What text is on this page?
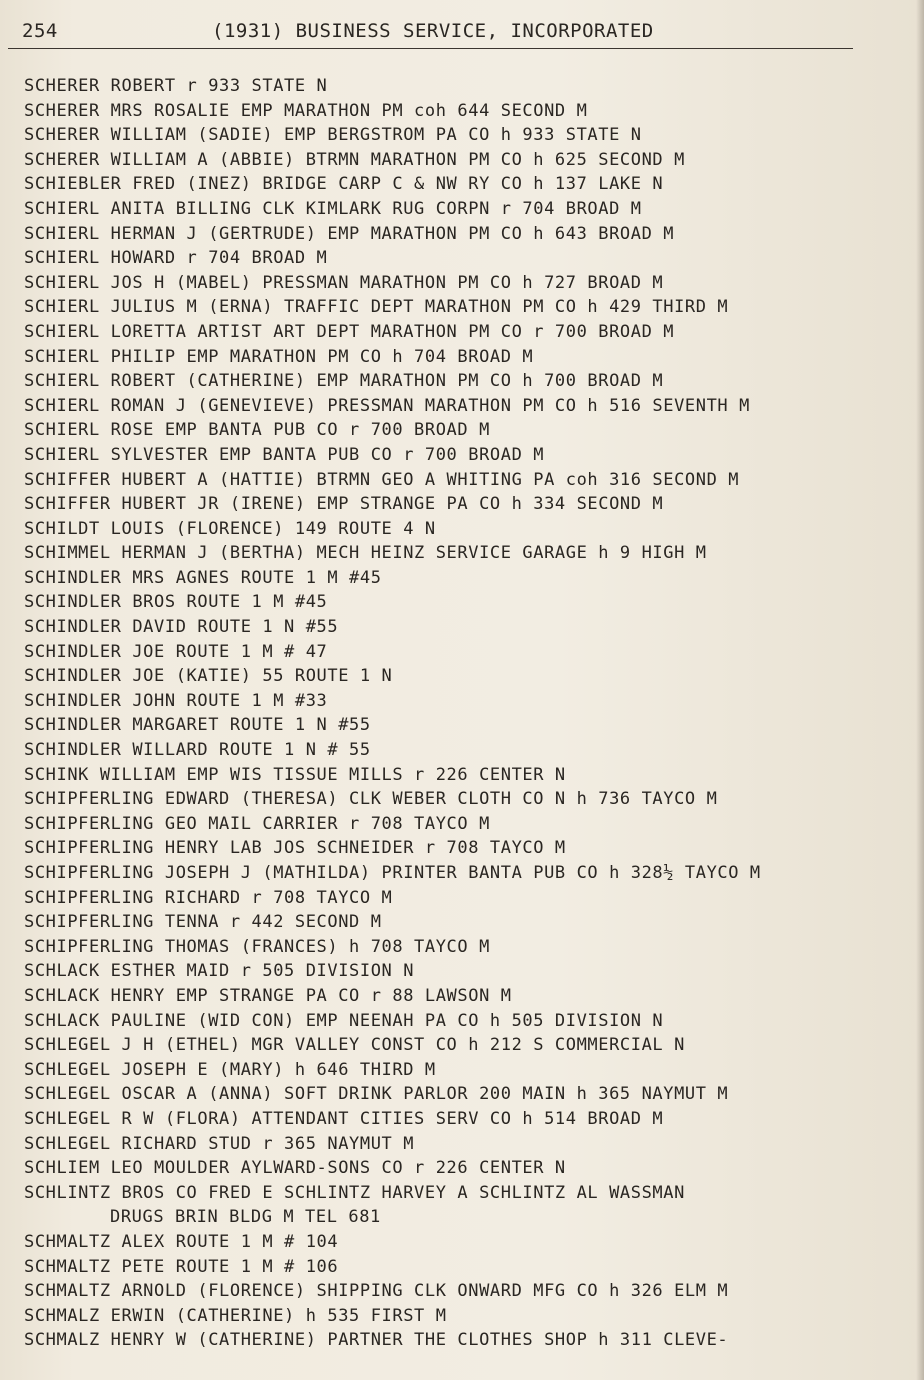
254	(1931) BUSINESS SERVICE, INCORPORATED
SCHERER ROBERT r 933 STATE N
SCHERER MRS ROSALIE EMP MARATHON PM coh 644 SECOND M
SCHERER WILLIAM (SADIE) EMP BERGSTROM PA CO h 933 STATE N
SCHERER WILLIAM A (ABBIE) BTRMN MARATHON PM CO h 625 SECOND M
SCHIEBLER FRED (INEZ) BRIDGE CARP C & NW RY CO h 137 LAKE N
SCHIERL ANITA BILLING CLK KIMLARK RUG CORPN r 704 BROAD M
SCHIERL HERMAN J (GERTRUDE) EMP MARATHON PM CO h 643 BROAD M
SCHIERL HOWARD r 704 BROAD M
SCHIERL JOS H (MABEL) PRESSMAN MARATHON PM CO h 727 BROAD M
SCHIERL JULIUS M (ERNA) TRAFFIC DEPT MARATHON PM CO h 429 THIRD M
SCHIERL LORETTA ARTIST ART DEPT MARATHON PM CO r 700 BROAD M
SCHIERL PHILIP EMP MARATHON PM CO h 704 BROAD M
SCHIERL ROBERT (CATHERINE) EMP MARATHON PM CO h 700 BROAD M
SCHIERL ROMAN J (GENEVIEVE) PRESSMAN MARATHON PM CO h 516 SEVENTH M
SCHIERL ROSE EMP BANTA PUB CO r 700 BROAD M
SCHIERL SYLVESTER EMP BANTA PUB CO r 700 BROAD M
SCHIFFER HUBERT A (HATTIE) BTRMN GEO A WHITING PA coh 316 SECOND M
SCHIFFER HUBERT JR (IRENE) EMP STRANGE PA CO h 334 SECOND M
SCHILDT LOUIS (FLORENCE) 149 ROUTE 4 N
SCHIMMEL HERMAN J (BERTHA) MECH HEINZ SERVICE GARAGE h 9 HIGH M
SCHINDLER MRS AGNES ROUTE 1 M #45
SCHINDLER BROS ROUTE 1 M #45
SCHINDLER DAVID ROUTE 1 N #55
SCHINDLER JOE ROUTE 1 M # 47
SCHINDLER JOE (KATIE) 55 ROUTE 1 N
SCHINDLER JOHN ROUTE 1 M #33
SCHINDLER MARGARET ROUTE 1 N #55
SCHINDLER WILLARD ROUTE 1 N # 55
SCHINK WILLIAM EMP WIS TISSUE MILLS r 226 CENTER N
SCHIPFERLING EDWARD (THERESA) CLK WEBER CLOTH CO N h 736 TAYCO M
SCHIPFERLING GEO MAIL CARRIER r 708 TAYCO M
SCHIPFERLING HENRY LAB JOS SCHNEIDER r 708 TAYCO M
SCHIPFERLING JOSEPH J (MATHILDA) PRINTER BANTA PUB CO h 328½ TAYCO M
SCHIPFERLING RICHARD r 708 TAYCO M
SCHIPFERLING TENNA r 442 SECOND M
SCHIPFERLING THOMAS (FRANCES) h 708 TAYCO M
SCHLACK ESTHER MAID r 505 DIVISION N
SCHLACK HENRY EMP STRANGE PA CO r 88 LAWSON M
SCHLACK PAULINE (WID CON) EMP NEENAH PA CO h 505 DIVISION N
SCHLEGEL J H (ETHEL) MGR VALLEY CONST CO h 212 S COMMERCIAL N
SCHLEGEL JOSEPH E (MARY) h 646 THIRD M
SCHLEGEL OSCAR A (ANNA) SOFT DRINK PARLOR 200 MAIN h 365 NAYMUT M
SCHLEGEL R W (FLORA) ATTENDANT CITIES SERV CO h 514 BROAD M
SCHLEGEL RICHARD STUD r 365 NAYMUT M
SCHLIEM LEO MOULDER AYLWARD-SONS CO r 226 CENTER N
SCHLINTZ BROS CO FRED E SCHLINTZ HARVEY A SCHLINTZ AL WASSMAN
DRUGS BRIN BLDG M TEL 681
SCHMALTZ ALEX ROUTE 1 M # 104
SCHMALTZ PETE ROUTE 1 M # 106
SCHMALTZ ARNOLD (FLORENCE) SHIPPING CLK ONWARD MFG CO h 326 ELM M
SCHMALZ ERWIN (CATHERINE) h 535 FIRST M
SCHMALZ HENRY W (CATHERINE) PARTNER THE CLOTHES SHOP h 311 CLEVE-
